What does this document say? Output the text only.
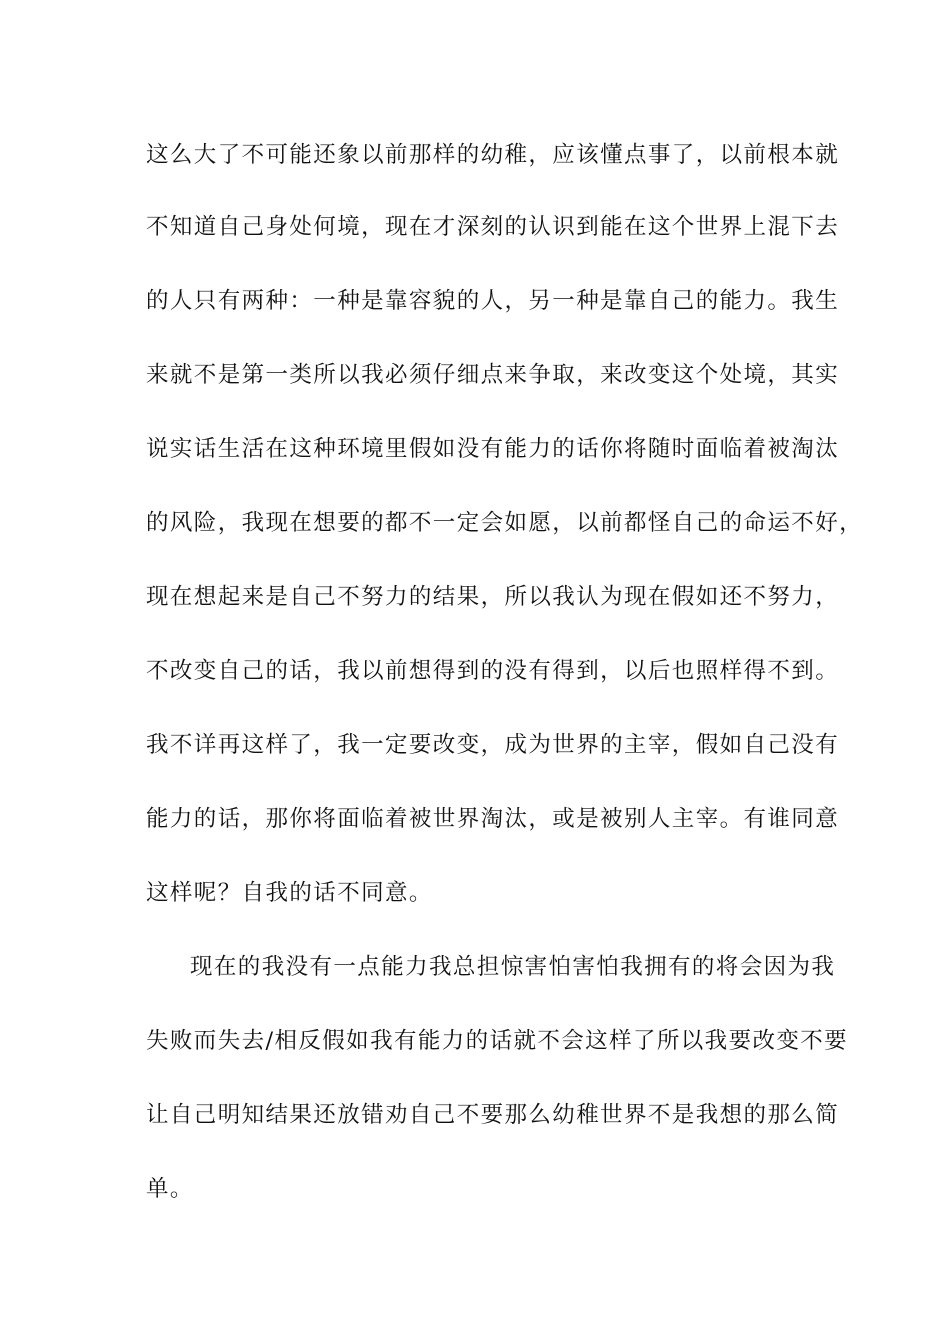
这么大了不可能还象以前那样的幼稚，应该懂点事了，以前根本就
不知道自己身处何境，现在才深刻的认识到能在这个世界上混下去
的人只有两种：一种是靠容貌的人，另一种是靠自己的能力。我生
来就不是第一类所以我必须仔细点来争取，来改变这个处境，其实
说实话生活在这种环境里假如没有能力的话你将随时面临着被淘汰
的风险，我现在想要的都不一定会如愿，以前都怪自己的命运不好，
现在想起来是自己不努力的结果，所以我认为现在假如还不努力，
不改变自己的话，我以前想得到的没有得到，以后也照样得不到。
我不详再这样了，我一定要改变，成为世界的主宰，假如自己没有
能力的话，那你将面临着被世界淘汰，或是被别人主宰。有谁同意
这样呢？自我的话不同意。
现在的我没有一点能力我总担惊害怕害怕我拥有的将会因为我
失败而失去/相反假如我有能力的话就不会这样了所以我要改变不要
让自己明知结果还放错劝自己不要那么幼稚世界不是我想的那么简
单。
